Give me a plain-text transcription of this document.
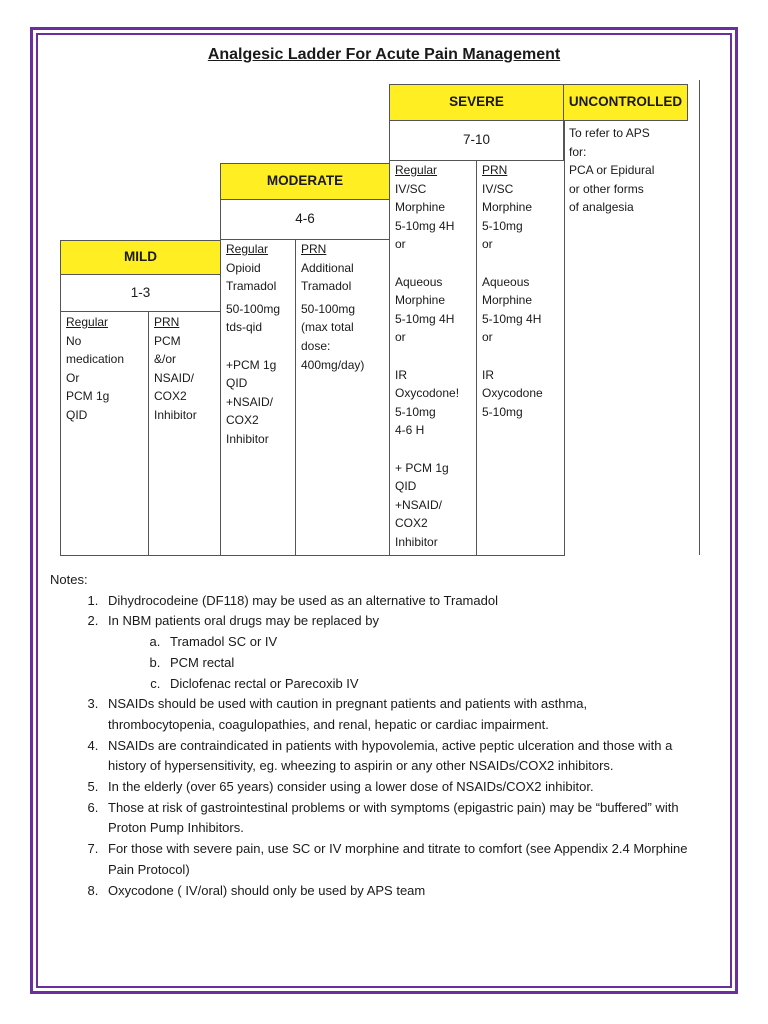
Analgesic Ladder For Acute Pain Management
SEVERE	UNCONTROLLED
7-10	To refer to APS
for:
PCA or Epidural
or other forms
of analgesia
MODERATE
4-6
MILD
1-3
Regular
No
medication
Or
PCM 1g
QID
PRN
PCM
&/or
NSAID/
COX2
Inhibitor
Regular
Opioid
Tramadol
50-100mg
tds-qid
+PCM 1g
QID
+NSAID/
COX2
Inhibitor
PRN
Additional
Tramadol
50-100mg
(max total
dose:
400mg/day)
Regular
IV/SC
Morphine
5-10mg 4H
or
Aqueous
Morphine
5-10mg 4H
or
IR
Oxycodone!
5-10mg
4-6 H
+ PCM 1g
QID
+NSAID/
COX2
Inhibitor
PRN
IV/SC
Morphine
5-10mg
or
Aqueous
Morphine
5-10mg 4H
or
IR
Oxycodone
5-10mg

Notes:

1. Dihydrocodeine (DF118) may be used as an alternative to Tramadol
2. In NBM patients oral drugs may be replaced by
a. Tramadol SC or IV
b. PCM rectal
c. Diclofenac rectal or Parecoxib IV
3. NSAIDs should be used with caution in pregnant patients and patients with asthma, thrombocytopenia, coagulopathies, and renal, hepatic or cardiac impairment.
4. NSAIDs are contraindicated in patients with hypovolemia, active peptic ulceration and those with a history of hypersensitivity, eg. wheezing to aspirin or any other NSAIDs/COX2 inhibitors.
5. In the elderly (over 65 years) consider using a lower dose of NSAIDs/COX2 inhibitor.
6. Those at risk of gastrointestinal problems or with symptoms (epigastric pain) may be “buffered” with Proton Pump Inhibitors.
7. For those with severe pain, use SC or IV morphine and titrate to comfort (see Appendix 2.4 Morphine Pain Protocol)
8. Oxycodone ( IV/oral) should only be used by APS team
